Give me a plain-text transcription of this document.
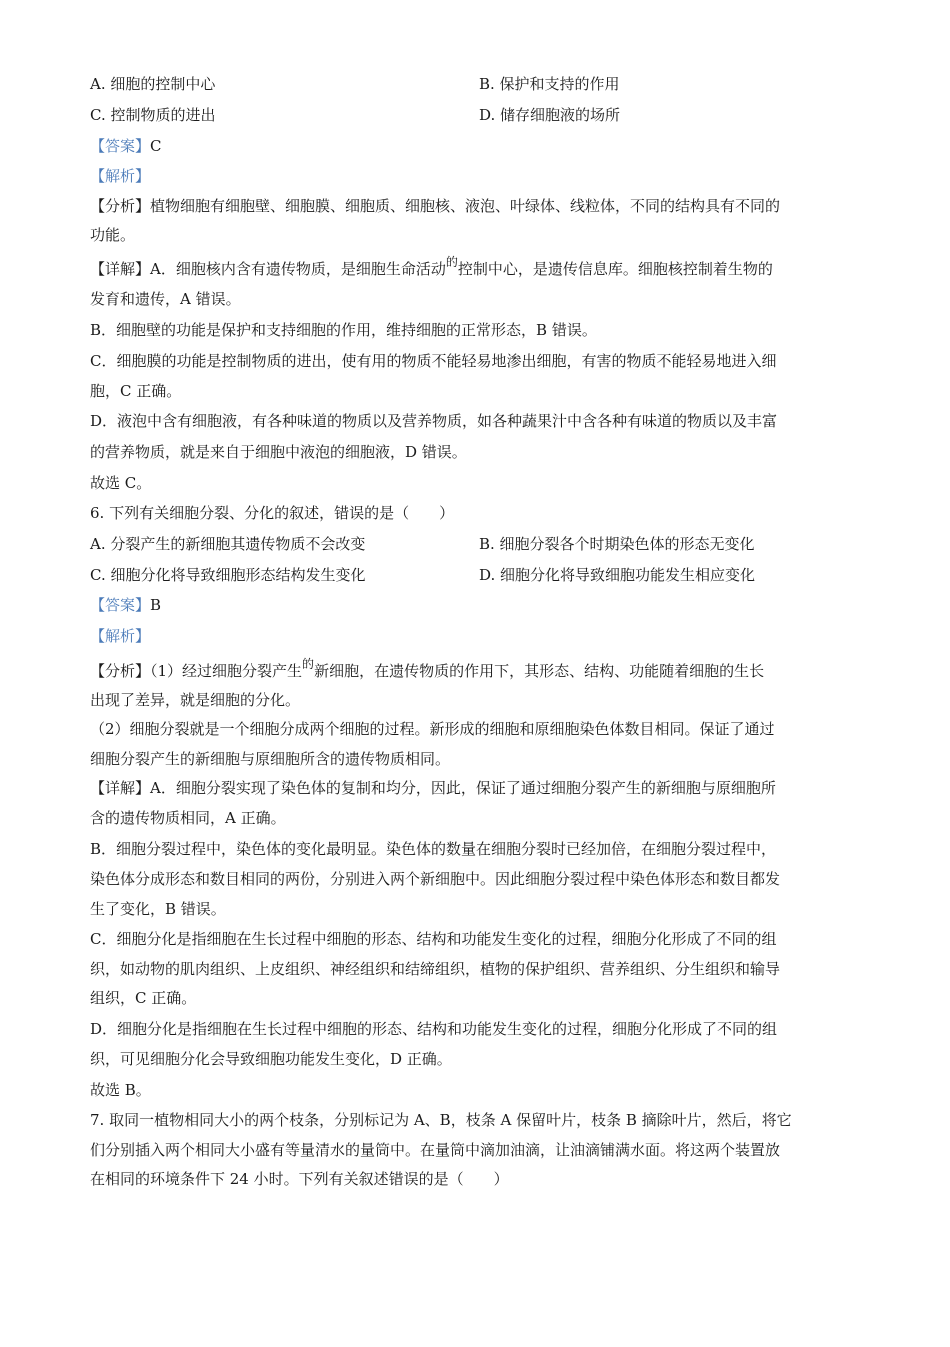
A. 细胞的控制中心	B. 保护和支持的作用
C. 控制物质的进出	D. 储存细胞液的场所
【答案】C
【解析】
【分析】植物细胞有细胞壁、细胞膜、细胞质、细胞核、液泡、叶绿体、线粒体，不同的结构具有不同的
功能。
【详解】A．细胞核内含有遗传物质，是细胞生命活动$^的$控制中心，是遗传信息库。细胞核控制着生物的
发育和遗传，A 错误。
B．细胞壁的功能是保护和支持细胞的作用，维持细胞的正常形态，B 错误。
C．细胞膜的功能是控制物质的进出，使有用的物质不能轻易地渗出细胞，有害的物质不能轻易地进入细
胞，C 正确。
D．液泡中含有细胞液，有各种味道的物质以及营养物质，如各种蔬果汁中含各种有味道的物质以及丰富
的营养物质，就是来自于细胞中液泡的细胞液，D 错误。
故选 C。
6. 下列有关细胞分裂、分化的叙述，错误的是（　　）
A. 分裂产生的新细胞其遗传物质不会改变	B. 细胞分裂各个时期染色体的形态无变化
C. 细胞分化将导致细胞形态结构发生变化	D. 细胞分化将导致细胞功能发生相应变化
【答案】B
【解析】
【分析】（1）经过细胞分裂产生$^的$新细胞，在遗传物质的作用下，其形态、结构、功能随着细胞的生长
出现了差异，就是细胞的分化。
（2）细胞分裂就是一个细胞分成两个细胞的过程。新形成的细胞和原细胞染色体数目相同。保证了通过
细胞分裂产生的新细胞与原细胞所含的遗传物质相同。
【详解】A．细胞分裂实现了染色体的复制和均分，因此，保证了通过细胞分裂产生的新细胞与原细胞所
含的遗传物质相同，A 正确。
B．细胞分裂过程中，染色体的变化最明显。染色体的数量在细胞分裂时已经加倍，在细胞分裂过程中，
染色体分成形态和数目相同的两份，分别进入两个新细胞中。因此细胞分裂过程中染色体形态和数目都发
生了变化，B 错误。
C．细胞分化是指细胞在生长过程中细胞的形态、结构和功能发生变化的过程，细胞分化形成了不同的组
织，如动物的肌肉组织、上皮组织、神经组织和结缔组织，植物的保护组织、营养组织、分生组织和输导
组织，C 正确。
D．细胞分化是指细胞在生长过程中细胞的形态、结构和功能发生变化的过程，细胞分化形成了不同的组
织，可见细胞分化会导致细胞功能发生变化，D 正确。
故选 B。
7. 取同一植物相同大小的两个枝条，分别标记为 A、B，枝条 A 保留叶片，枝条 B 摘除叶片，然后，将它
们分别插入两个相同大小盛有等量清水的量筒中。在量筒中滴加油滴，让油滴铺满水面。将这两个装置放
在相同的环境条件下 24 小时。下列有关叙述错误的是（　　）
